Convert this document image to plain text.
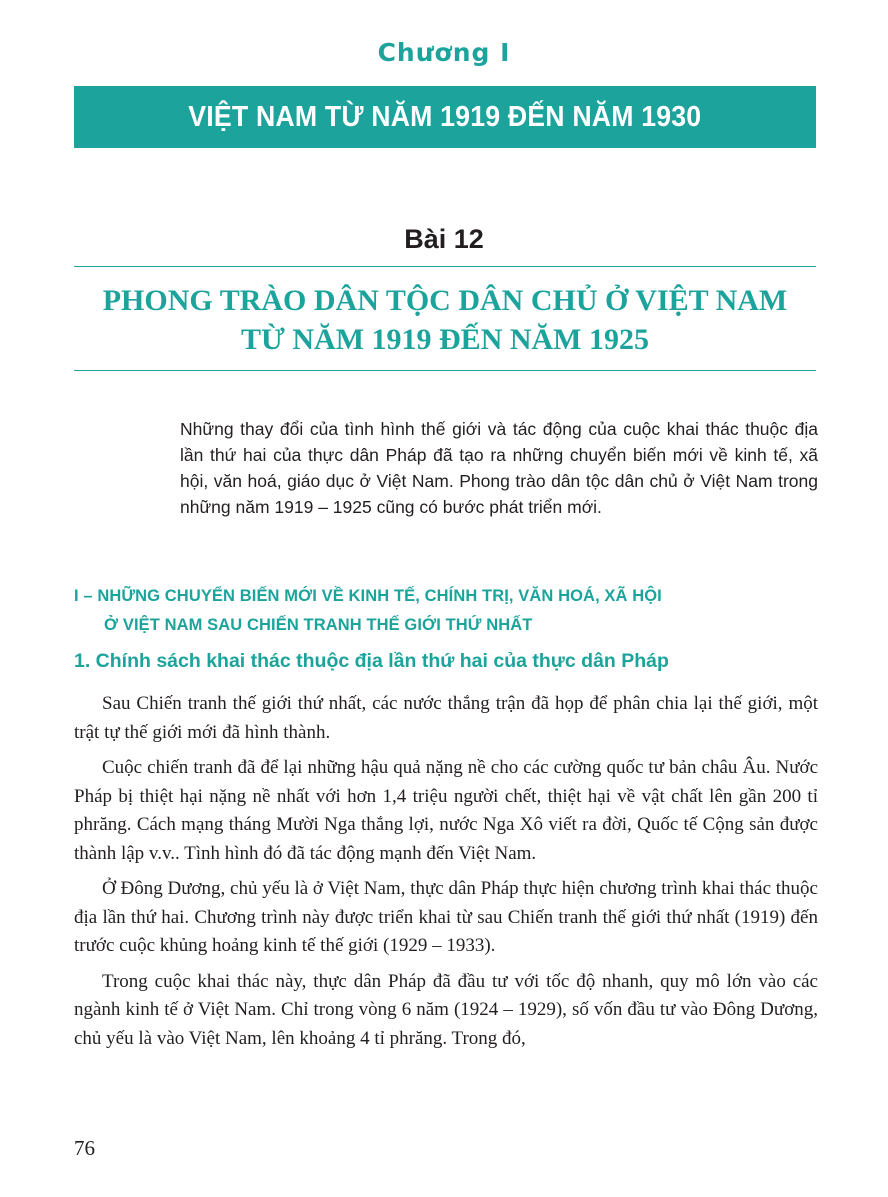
Chương I
VIỆT NAM TỪ NĂM 1919 ĐẾN NĂM 1930
Bài 12
PHONG TRÀO DÂN TỘC DÂN CHỦ Ở VIỆT NAM
TỪ NĂM 1919 ĐẾN NĂM 1925
Những thay đổi của tình hình thế giới và tác động của cuộc khai thác thuộc địa lần thứ hai của thực dân Pháp đã tạo ra những chuyển biến mới về kinh tế, xã hội, văn hoá, giáo dục ở Việt Nam. Phong trào dân tộc dân chủ ở Việt Nam trong những năm 1919 – 1925 cũng có bước phát triển mới.
I – NHỮNG CHUYỂN BIẾN MỚI VỀ KINH TẾ, CHÍNH TRỊ, VĂN HOÁ, XÃ HỘI
Ở VIỆT NAM SAU CHIẾN TRANH THẾ GIỚI THỨ NHẤT
1. Chính sách khai thác thuộc địa lần thứ hai của thực dân Pháp

Sau Chiến tranh thế giới thứ nhất, các nước thắng trận đã họp để phân chia lại thế giới, một trật tự thế giới mới đã hình thành.

Cuộc chiến tranh đã để lại những hậu quả nặng nề cho các cường quốc tư bản châu Âu. Nước Pháp bị thiệt hại nặng nề nhất với hơn 1,4 triệu người chết, thiệt hại về vật chất lên gần 200 tỉ phrăng. Cách mạng tháng Mười Nga thắng lợi, nước Nga Xô viết ra đời, Quốc tế Cộng sản được thành lập v.v.. Tình hình đó đã tác động mạnh đến Việt Nam.

Ở Đông Dương, chủ yếu là ở Việt Nam, thực dân Pháp thực hiện chương trình khai thác thuộc địa lần thứ hai. Chương trình này được triển khai từ sau Chiến tranh thế giới thứ nhất (1919) đến trước cuộc khủng hoảng kinh tế thế giới (1929 – 1933).

Trong cuộc khai thác này, thực dân Pháp đã đầu tư với tốc độ nhanh, quy mô lớn vào các ngành kinh tế ở Việt Nam. Chỉ trong vòng 6 năm (1924 – 1929), số vốn đầu tư vào Đông Dương, chủ yếu là vào Việt Nam, lên khoảng 4 tỉ phrăng. Trong đó,

76
